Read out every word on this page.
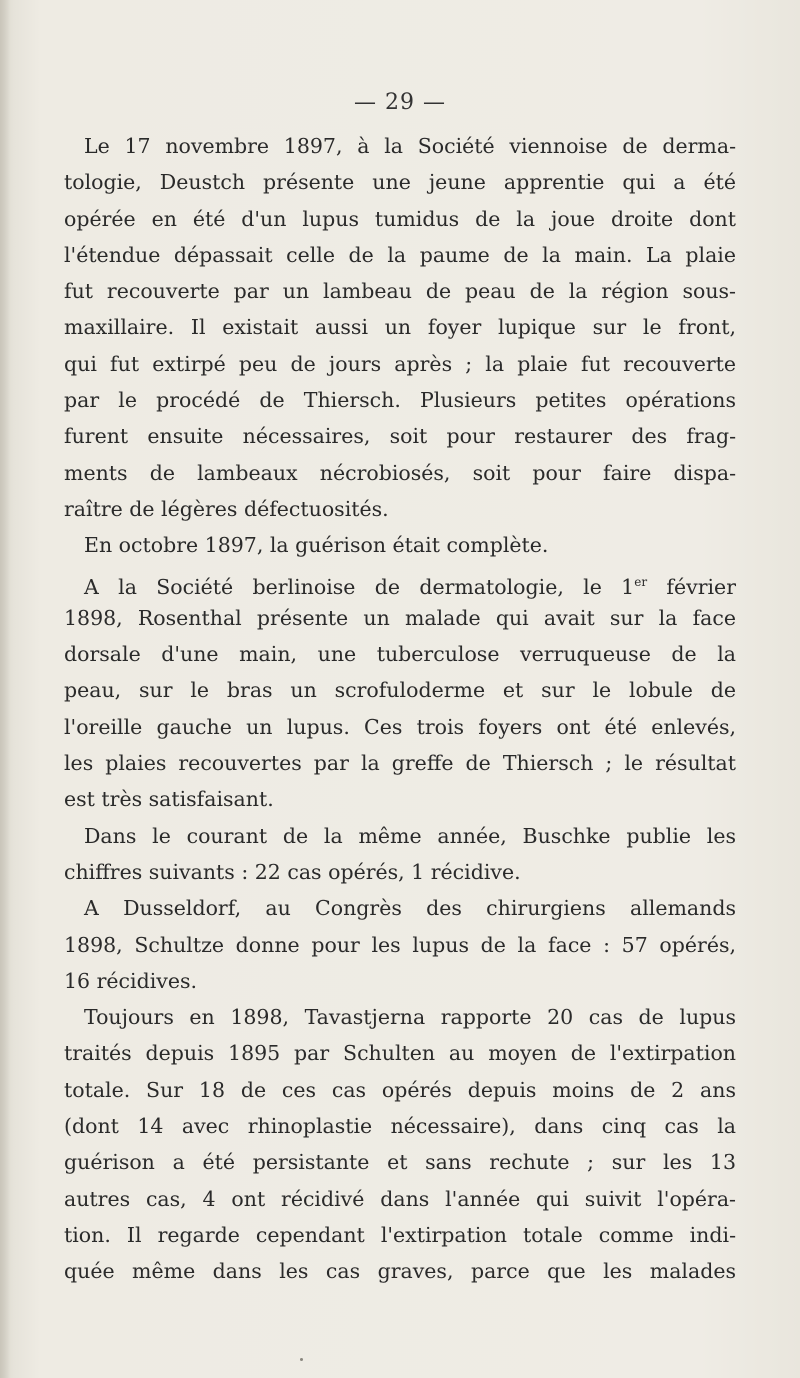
— 29 —
Le 17 novembre 1897, à la Société viennoise de derma-
tologie, Deustch présente une jeune apprentie qui a été
opérée en été d'un lupus tumidus de la joue droite dont
l'étendue dépassait celle de la paume de la main. La plaie
fut recouverte par un lambeau de peau de la région sous-
maxillaire. Il existait aussi un foyer lupique sur le front,
qui fut extirpé peu de jours après ; la plaie fut recouverte
par le procédé de Thiersch. Plusieurs petites opérations
furent ensuite nécessaires, soit pour restaurer des frag-
ments de lambeaux nécrobiosés, soit pour faire dispa-
raître de légères défectuosités.
En octobre 1897, la guérison était complète.
A la Société berlinoise de dermatologie, le 1er février
1898, Rosenthal présente un malade qui avait sur la face
dorsale d'une main, une tuberculose verruqueuse de la
peau, sur le bras un scrofuloderme et sur le lobule de
l'oreille gauche un lupus. Ces trois foyers ont été enlevés,
les plaies recouvertes par la greffe de Thiersch ; le résultat
est très satisfaisant.
Dans le courant de la même année, Buschke publie les
chiffres suivants : 22 cas opérés, 1 récidive.
A Dusseldorf, au Congrès des chirurgiens allemands
1898, Schultze donne pour les lupus de la face : 57 opérés,
16 récidives.
Toujours en 1898, Tavastjerna rapporte 20 cas de lupus
traités depuis 1895 par Schulten au moyen de l'extirpation
totale. Sur 18 de ces cas opérés depuis moins de 2 ans
(dont 14 avec rhinoplastie nécessaire), dans cinq cas la
guérison a été persistante et sans rechute ; sur les 13
autres cas, 4 ont récidivé dans l'année qui suivit l'opéra-
tion. Il regarde cependant l'extirpation totale comme indi-
quée même dans les cas graves, parce que les malades
